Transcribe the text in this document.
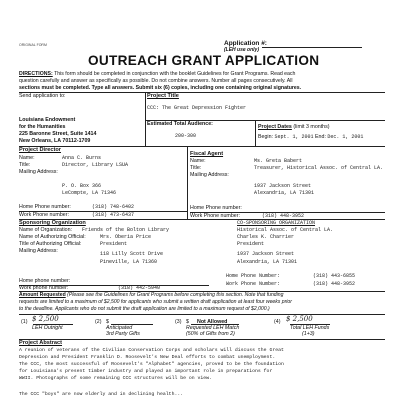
ORIGINAL FORM	Application #:
(LEH use only)
OUTREACH GRANT APPLICATION
DIRECTIONS: This form should be completed in conjunction with the booklet Guidelines for Grant Programs. Read each
question carefully and answer as specifically as possible. Do not combine answers. Number all pages consecutively. All
sections must be completed. Type all answers. Submit six (6) copies, including one containing original signatures.
Send application to:
Louisiana Endowment
for the Humanities
225 Baronne Street, Suite 1414
New Orleans, LA 70112-1709
Project Title
CCC: The Great Depression Fighter
Estimated Total Audience:
200-300
Project Dates (limit 3 months)
Begin: Sept. 1, 2001 End: Dec. 1, 2001
Project Director
Name:	Anna C. Burns
Title:	Director, Library LSUA
Mailing Address:
P. O. Box 366
LeCompte, LA 71346
Home Phone number:	(318) 748-6402
Work Phone number:	(318) 473-6437
Fiscal Agent
Name:	Ms. Greta Babert
Title:	Treasurer, Historical Assoc. of Central LA.
Mailing Address:
1937 Jackson Street
Alexandria, LA 71301
Home Phone number:
Work Phone number:	(318) 448-3952
Sponsoring Organization
Name of Organization: Friends of the Bolton Library
Name of Authorizing Official:	Mrs. Oberia Price
Title of Authorizing Official:	President
Mailing Address:	118 Lilly Scott Drive
Pineville, LA 71360
CO-SPONSORING ORGANIZATION
Historical Assoc. of Central LA.
Charles K. Charrier
President
1937 Jackson Street
Alexandria, LA 71301
Home Phone Number:	(318) 443-6855
Home phone number:
Work phone number:	(318) 442-5940
Work Phone Number:	(318) 448-3952
Amount Requested (Please see the Guidelines for Grant Programs before completing this section. Note that funding
requests are limited to a maximum of $2,500 for applicants who submit a written draft application at least four weeks prior
to the deadline. Applicants who do not submit the draft application are limited to a maximum request of $2,000.)
(1) $ 2,500
LEH Outright
(2) $
Anticipated
3rd Party Gifts
(3) $ Not Allowed
Requested LEH Match
(50% of Gifts from 2)
(4) $ 2,500
Total LEH Funds
(1+3)
Project Abstract
A reunion of veterans of the Civilian Conservation Corps and scholars will discuss the Great
Depression and President Franklin D. Roosevelt's New Deal efforts to combat unemployment.
The CCC, the most successful of Roosevelt's "Alphabet" agencies, proved to be the foundation
for Louisiana's present timber industry and played an important role in preparations for
WWII. Photographs of some remaining CCC structures will be on view.
The CCC "boys" are now elderly and in declining health...
